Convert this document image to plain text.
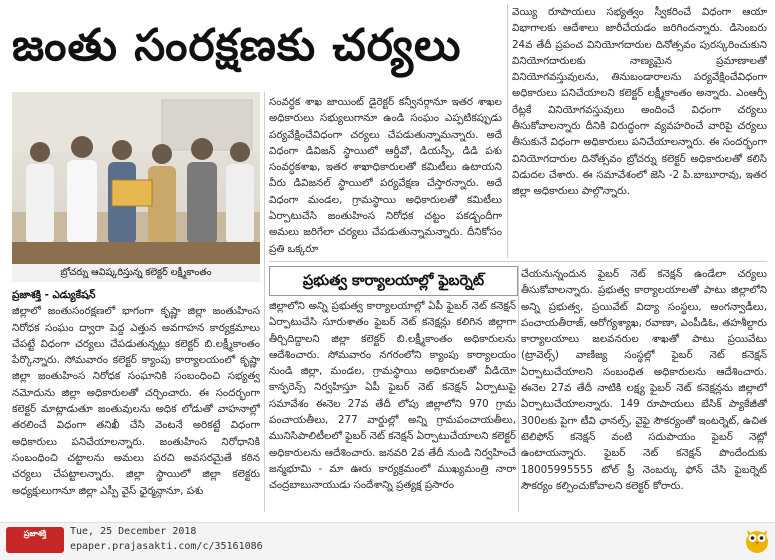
జంతు సంరక్షణకు చర్యలు
బ్రోచర్ను ఆవిష్కరిస్తున్న కలెక్టర్ లక్ష్మీకాంతం
ప్రజాశక్తి - ఎడ్యుకేషన్

జిల్లాలో జంతుసంరక్షణలో భాగంగా కృష్ణా జిల్లా జంతుహింస నిరోధక సంఘం ద్వారా పెద్ద ఎత్తున అవగాహన కార్యక్రమాలు చేపట్టే విధంగా చర్యలు చేపడుతున్నట్లు కలెక్టర్ బి.లక్ష్మీకాంతం పేర్కొన్నారు. సోమవారం కలెక్టర్ క్యాంపు కార్యాలయంలో కృష్ణా జిల్లా జంతుహింస నిరోధక సంఘానికి సంబంధించి సభ్యత్వ నమోదును జిల్లా అధికారులతో చర్చించారు. ఈ సందర్భంగా కలెక్టర్ మాట్లాడుతూ జంతువులను అధిక లోడుతో వాహనాల్లో తరలించే విధంగా తనిఖీ చేసి వెంటనే అరికట్టే విధంగా అధికారులు పనిచేయాలన్నారు. జంతుహింస నిరోధానికి సంబంధించి చట్టాలను అమలు పరచి అవసరమైతే కఠిన చర్యలు చేపట్టాలన్నారు. జిల్లా స్థాయిలో జిల్లా కలెక్టరు అధ్యక్షులుగానూ జిల్లా ఎస్పీ వైస్ ఛైర్మన్గానూ, పశు

సంవర్ధక శాఖ జాయింట్ డైరెక్టర్ కన్వీనర్గానూ ఇతర శాఖల అధికారులు సభ్యులుగానూ ఉండి సంఘం ఎప్పటికప్పుడు పర్యవేక్షించేవిధంగా చర్యలు చేపడుతున్నామన్నారు. అదే విధంగా డివిజన్ స్థాయిలో ఆర్డీవో, డియస్పీ, డిడి పశు సంవర్ధకశాఖ, ఇతర శాఖాధికారులతో కమిటీలు ఉటాయని వీరు డివిజనల్ స్థాయిలో పర్యవేక్షణ చేస్తారన్నారు. అదే విధంగా మండల, గ్రామస్థాయి అధికారులతో కమిటీలు ఏర్పాటుచేసి జంతుహింస నిరోధక చట్టం పకడ్బందీగా అమలు జరిగేలా చర్యలు చేపడుతున్నామన్నారు. దీనికోసం ప్రతి ఒక్కరూ

వెయ్యి రూపాయలు సభ్యత్వం స్వీకరించే విధంగా ఆయా విభాగాలకు ఆదేశాలు జారీచేయడం జరిగిందన్నారు. డిసెంబరు 24వ తేదీ ప్రపంచ వినియోగదారుల దినోత్సవం పురస్కరించుకుని వినియోగదారులకు నాణ్యమైన ప్రమాణాలతో వినియోగవస్తువులను, తినుబండారాలను పర్యవేక్షించేవిధంగా అధికారులు పనిచేయాలని కలెక్టర్ లక్ష్మీకాంతం అన్నారు. ఎంఆర్పీ రేట్లకే వినియోగవస్తువులు అందించే విధంగా చర్యలు తీసుకోవాలన్నారు దీనికి విరుద్ధంగా వ్యవహరించే వారిపై చర్యలు తీసుకునే విధంగా అధికారులు పనిచేయాలన్నారు. ఈ సందర్భంగా వినియోగదారుల దినోత్సవం బ్రోచర్ను కలెక్టర్ అధికారులతో కలిసి విడుదల చేశారు. ఈ సమావేశంలో జెసి -2 పి.బాబూరావు, ఇతర జిల్లా అధికారులు పాల్గొన్నారు.

ప్రభుత్వ కార్యాలయాల్లో ఫైబర్నెట్

జిల్లాలోని అన్ని ప్రభుత్వ కార్యాలయాల్లో ఏపీ ఫైబర్ నెట్ కనెక్షన్ ఏర్పాటుచేసి సూరుశాతం ఫైబర్ నెట్ కనెక్షన్లు కలిగిన జిల్లాగా తీర్చిదిద్దాలని జిల్లా కలెక్టర్ బి.లక్ష్మీకాంతం అధికారులను ఆదేశించారు. సోమవారం నగరంలోని క్యాంపు కార్యాలయం నుండి జిల్లా, మండల, గ్రామస్థాయి అధికారులతో వీడియో కాన్ఫరెన్స్ నిర్వహిస్తూ ఏపీ ఫైబర్ నెట్ కనెక్షన్ ఏర్పాటుపై సమావేశం ఈనెల 27వ తేదీ లోపు జిల్లాలోని 970 గ్రామ పంచాయతీలు, 277 వార్డుల్లో అన్ని గ్రామపంచాయతీలు, మునిసిపాలిటీలలో ఫైబర్ నెట్ కనెక్షన్ ఏర్పాటుచేయాలని కలెక్టర్ అధికారులను ఆదేశించారు. జనవరి 2వ తేదీ నుండి నిర్వహించే జన్మభూమి - మా ఊరు కార్యక్రమంలో ముఖ్యమంత్రి నారా చంద్రబాబునాయుడు సందేశాన్ని ప్రత్యక్ష ప్రసారం

చేయనున్నందున ఫైబర్ నెట్ కనెక్షన్ ఉండేలా చర్యలు తీసుకోవాలన్నారు. ప్రభుత్వ కార్యాలయాలతో పాటు జిల్లాలోని అన్ని ప్రభుత్వ, ప్రయివేట్ విద్యా సంస్థలు, అంగన్వాడీలు, పంచాయతీరాజ్, ఆరోగ్యశ్యాఖ, రవాణా, ఎంపీడిఓ, తహశీల్దారు కార్యాలయాలు జలవనరుల శాఖతో పాటు ప్రయివేటు (ట్రావెల్స్) వాణిజ్య సంస్థల్లో ఫైబర్ నెట్ కనెక్షన్ ఏర్పాటుచేయాలని సంబంధిత అధికారులను ఆదేశించారు. ఈనెల 27వ తేదీ నాటికి లక్ష్య ఫైబర్ నెట్ కనెక్షన్లను జిల్లాలో ఏర్పాటుచేయాలన్నారు. 149 రూపాయలు బేసిక్ ప్యాకేజీతో 300లకు పైగా టీవి ఛానల్స్, వైఫై సౌకర్యంతో ఇంటర్నెట్, ఉచిత టెలిఫోన్ కనెక్షన్ వంటి సదుపాయం ఫైబర్ నెట్లో ఉంటాయన్నారు. ఫైబర్ నెట్ కనెక్షన్ పొందేందుకు 18005995555 టోల్ ఫ్రీ నెంబర్కు ఫోన్ చేసి ఫైబర్నెట్ సౌకర్యం కల్పించుకోవాలని కలెక్టర్ కోరారు.

ప్రజాశక్తి	Tue, 25 December 2018
epaper.prajasakti.com/c/35161086
